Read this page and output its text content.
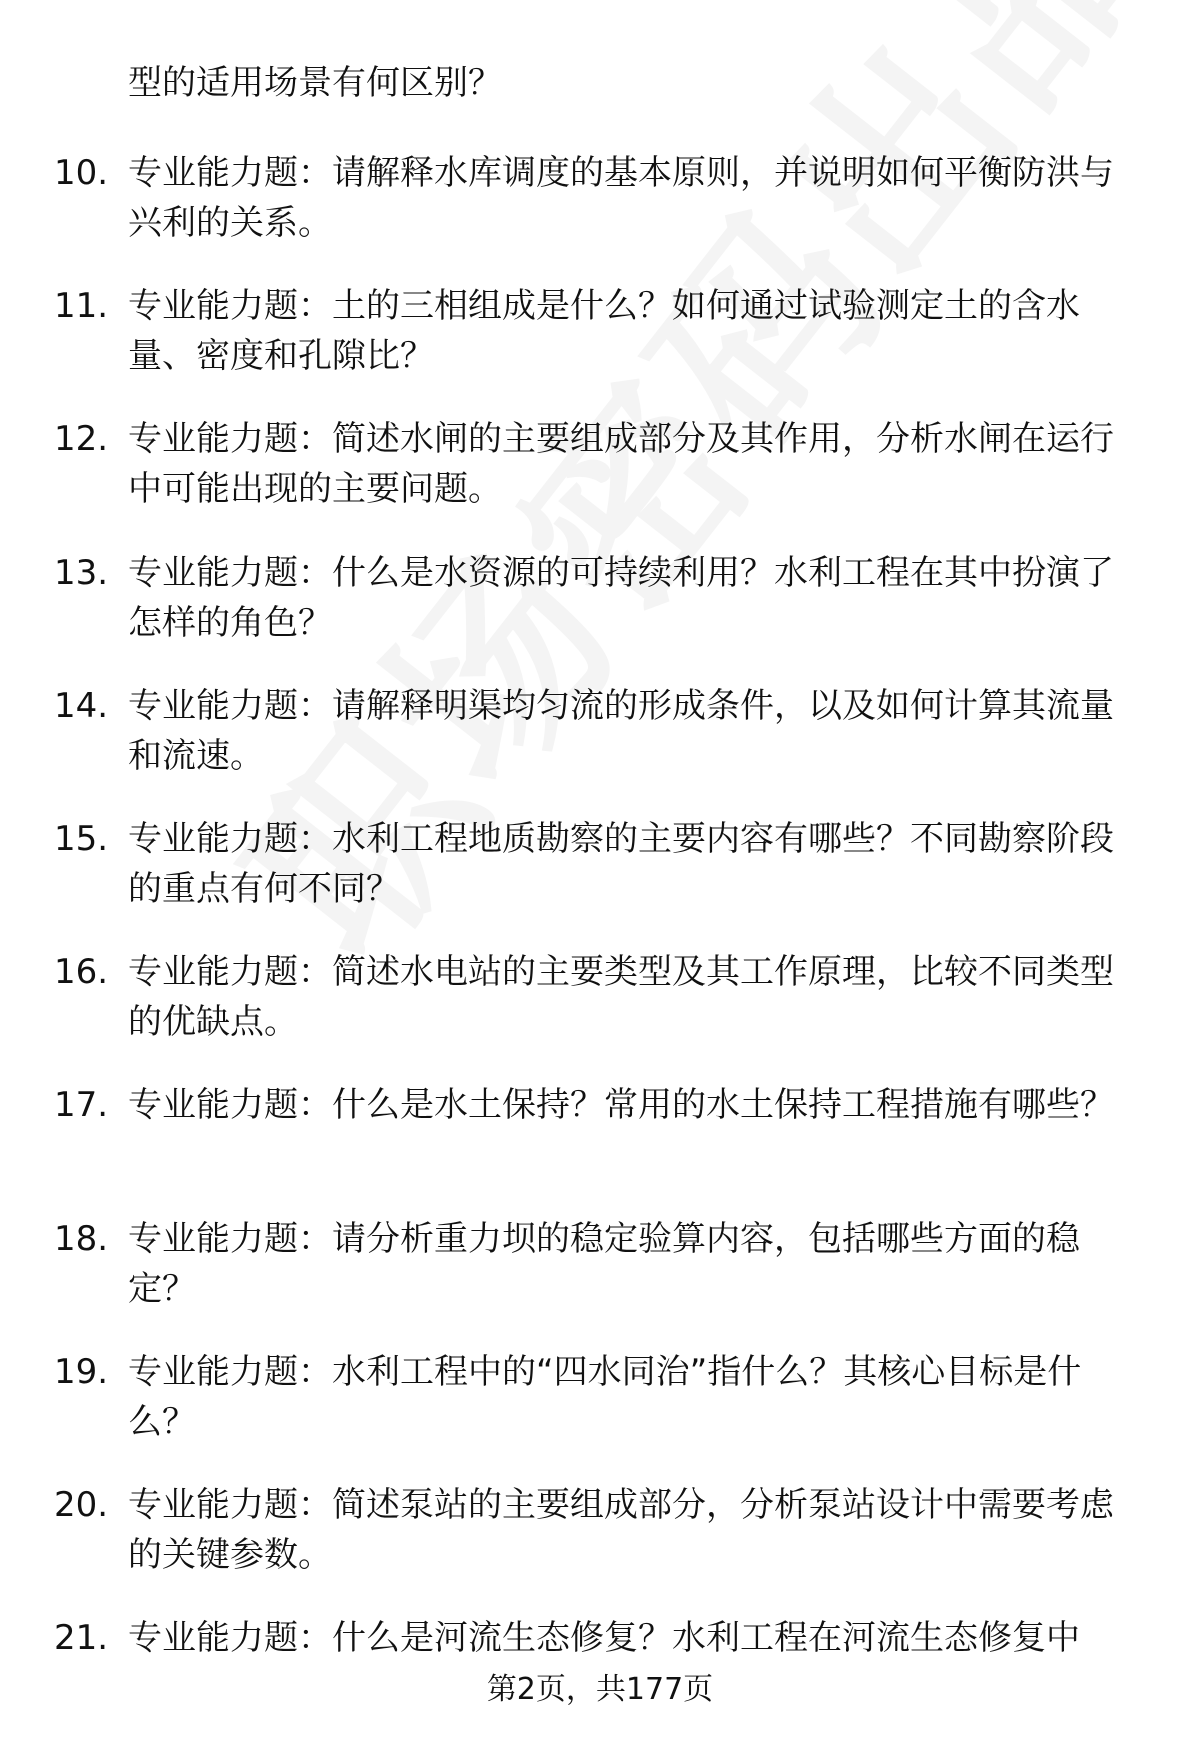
型的适用场景有何区别？
10. 专业能力题：请解释水库调度的基本原则，并说明如何平衡防洪与兴利的关系。
11. 专业能力题：土的三相组成是什么？如何通过试验测定土的含水量、密度和孔隙比？
12. 专业能力题：简述水闸的主要组成部分及其作用，分析水闸在运行中可能出现的主要问题。
13. 专业能力题：什么是水资源的可持续利用？水利工程在其中扮演了怎样的角色？
14. 专业能力题：请解释明渠均匀流的形成条件，以及如何计算其流量和流速。
15. 专业能力题：水利工程地质勘察的主要内容有哪些？不同勘察阶段的重点有何不同？
16. 专业能力题：简述水电站的主要类型及其工作原理，比较不同类型的优缺点。
17. 专业能力题：什么是水土保持？常用的水土保持工程措施有哪些？
18. 专业能力题：请分析重力坝的稳定验算内容，包括哪些方面的稳定？
19. 专业能力题：水利工程中的“四水同治”指什么？其核心目标是什么？
20. 专业能力题：简述泵站的主要组成部分，分析泵站设计中需要考虑的关键参数。
21. 专业能力题：什么是河流生态修复？水利工程在河流生态修复中
第2页，共177页
